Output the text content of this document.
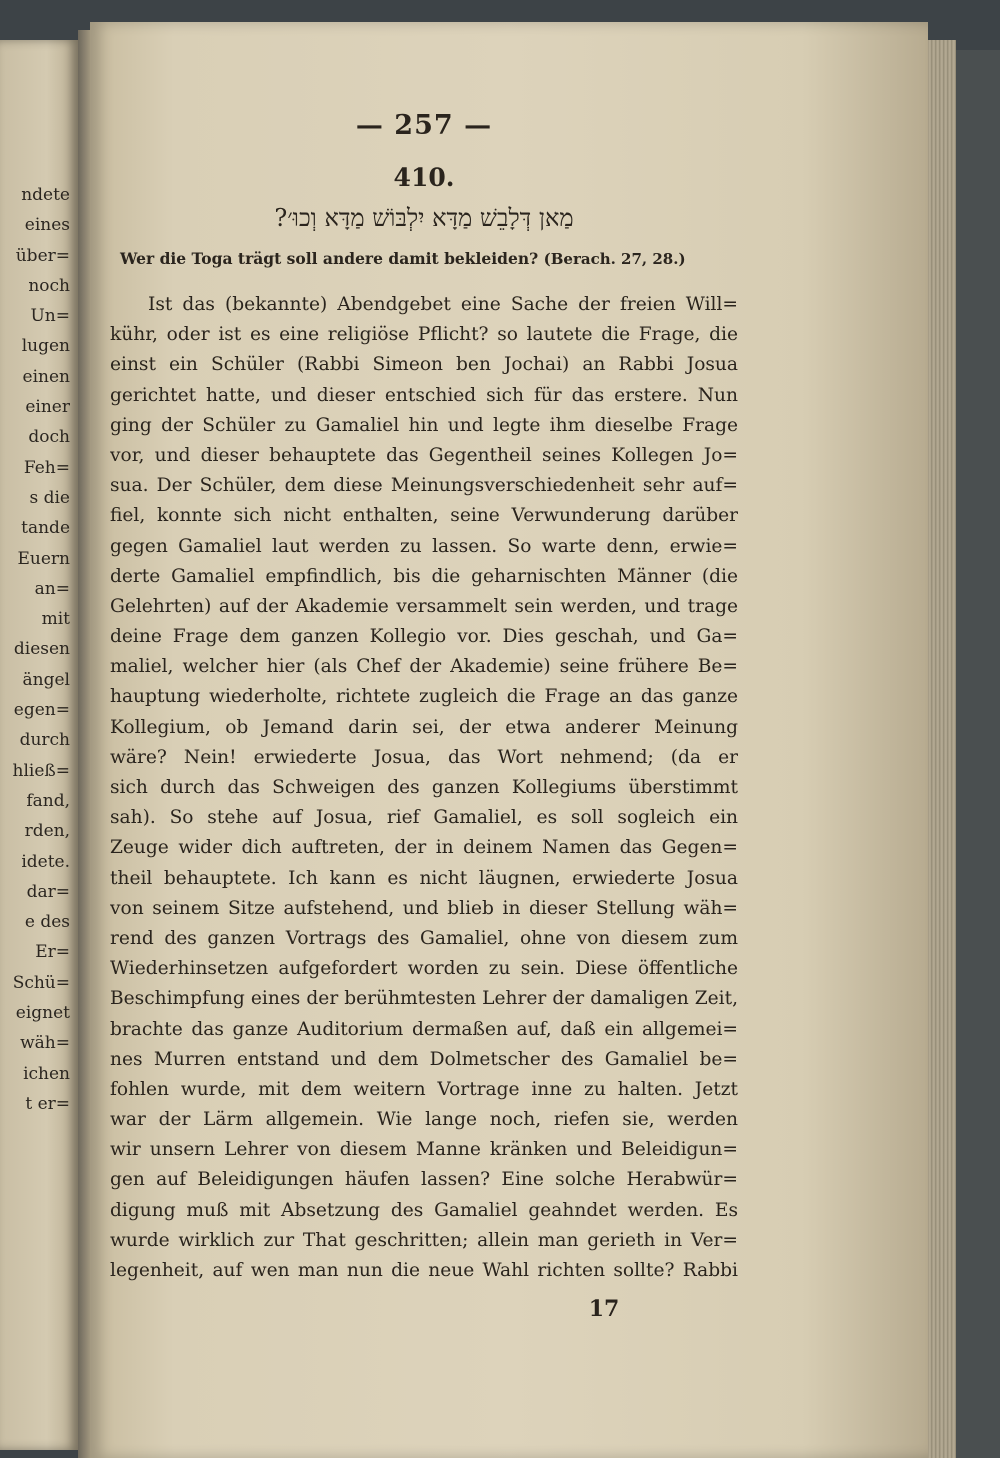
ndete
eines
über=
noch
Un=
lugen
einen
einer
doch
Feh=
s die
tande
Euern
an=
mit
diesen
ängel
egen=
durch
hließ=
fand,
rden,
idete.
dar=
e des
Er=
Schü=
eignet
wäh=
ichen
t er=
— 257 —
410.
מַאן דְּלָבֵשׁ מַדָּא יִלְבּוֹשׁ מַדָּא וְכוּ׳?
Wer die Toga trägt soll andere damit bekleiden? (Berach. 27, 28.)
Ist das (bekannte) Abendgebet eine Sache der freien Will=
kühr, oder ist es eine religiöse Pflicht? so lautete die Frage, die
einst ein Schüler (Rabbi Simeon ben Jochai) an Rabbi Josua
gerichtet hatte, und dieser entschied sich für das erstere. Nun
ging der Schüler zu Gamaliel hin und legte ihm dieselbe Frage
vor, und dieser behauptete das Gegentheil seines Kollegen Jo=
sua. Der Schüler, dem diese Meinungsverschiedenheit sehr auf=
fiel, konnte sich nicht enthalten, seine Verwunderung darüber
gegen Gamaliel laut werden zu lassen. So warte denn, erwie=
derte Gamaliel empfindlich, bis die geharnischten Männer (die
Gelehrten) auf der Akademie versammelt sein werden, und trage
deine Frage dem ganzen Kollegio vor. Dies geschah, und Ga=
maliel, welcher hier (als Chef der Akademie) seine frühere Be=
hauptung wiederholte, richtete zugleich die Frage an das ganze
Kollegium, ob Jemand darin sei, der etwa anderer Meinung
wäre? Nein! erwiederte Josua, das Wort nehmend; (da er
sich durch das Schweigen des ganzen Kollegiums überstimmt
sah). So stehe auf Josua, rief Gamaliel, es soll sogleich ein
Zeuge wider dich auftreten, der in deinem Namen das Gegen=
theil behauptete. Ich kann es nicht läugnen, erwiederte Josua
von seinem Sitze aufstehend, und blieb in dieser Stellung wäh=
rend des ganzen Vortrags des Gamaliel, ohne von diesem zum
Wiederhinsetzen aufgefordert worden zu sein. Diese öffentliche
Beschimpfung eines der berühmtesten Lehrer der damaligen Zeit,
brachte das ganze Auditorium dermaßen auf, daß ein allgemei=
nes Murren entstand und dem Dolmetscher des Gamaliel be=
fohlen wurde, mit dem weitern Vortrage inne zu halten. Jetzt
war der Lärm allgemein. Wie lange noch, riefen sie, werden
wir unsern Lehrer von diesem Manne kränken und Beleidigun=
gen auf Beleidigungen häufen lassen? Eine solche Herabwür=
digung muß mit Absetzung des Gamaliel geahndet werden. Es
wurde wirklich zur That geschritten; allein man gerieth in Ver=
legenheit, auf wen man nun die neue Wahl richten sollte? Rabbi
17
